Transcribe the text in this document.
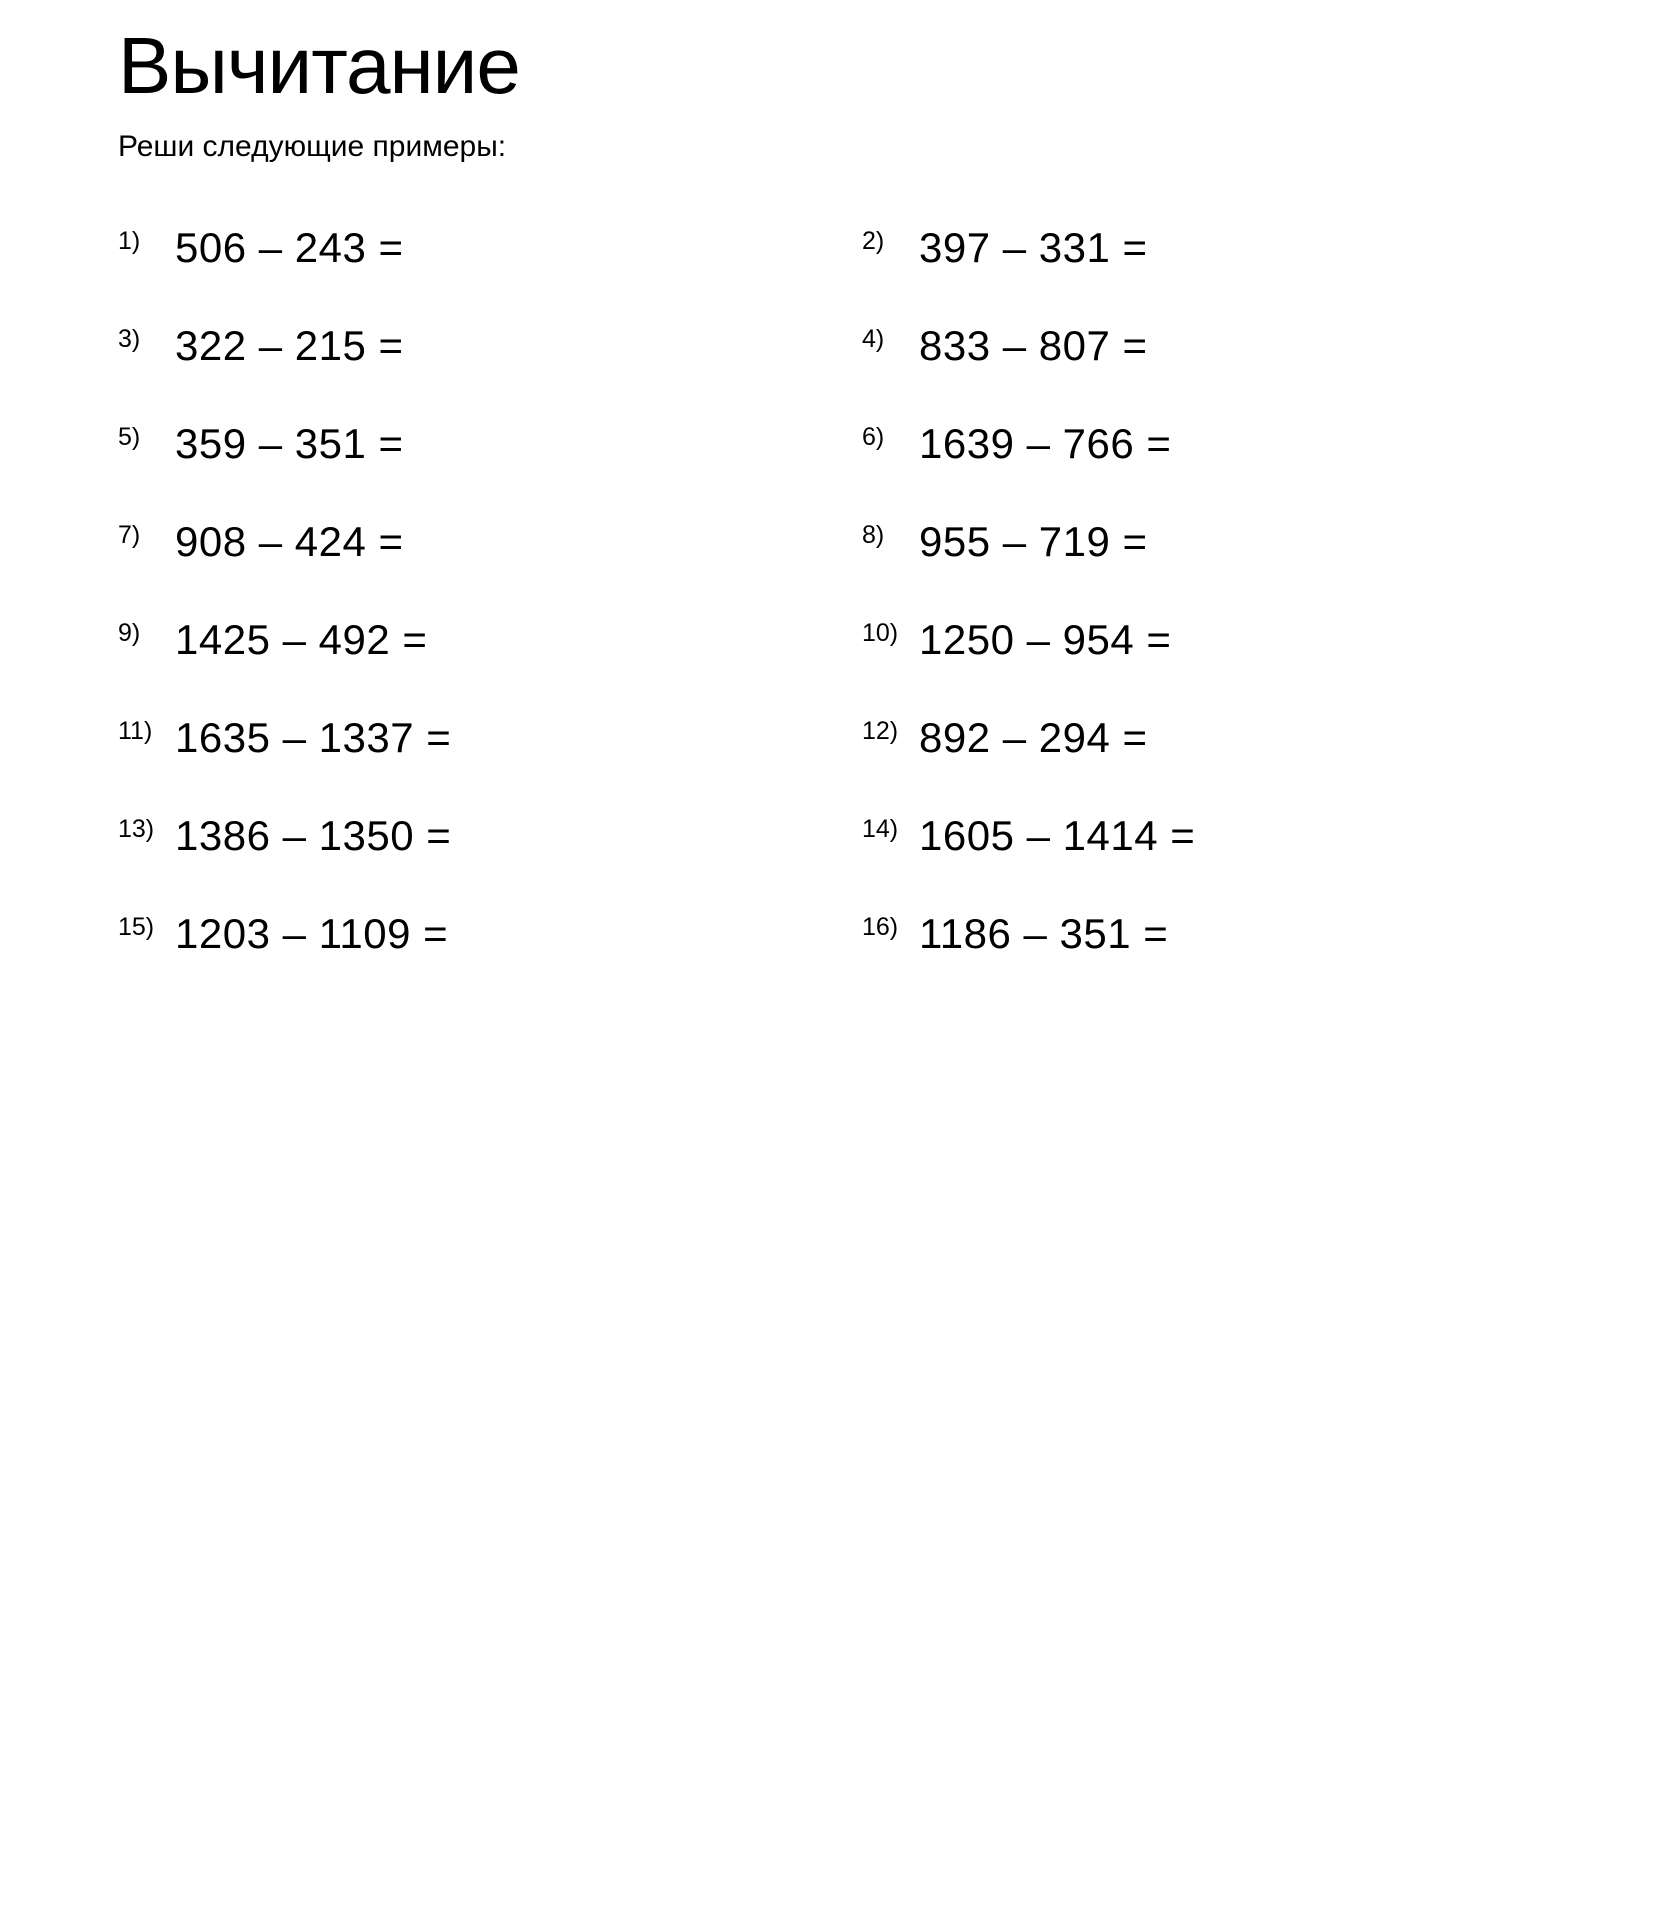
Вычитание

Реши следующие примеры:

1) 506 – 243 =	2) 397 – 331 =
3) 322 – 215 =	4) 833 – 807 =
5) 359 – 351 =	6) 1639 – 766 =
7) 908 – 424 =	8) 955 – 719 =
9) 1425 – 492 =	10) 1250 – 954 =
11) 1635 – 1337 =	12) 892 – 294 =
13) 1386 – 1350 =	14) 1605 – 1414 =
15) 1203 – 1109 =	16) 1186 – 351 =
